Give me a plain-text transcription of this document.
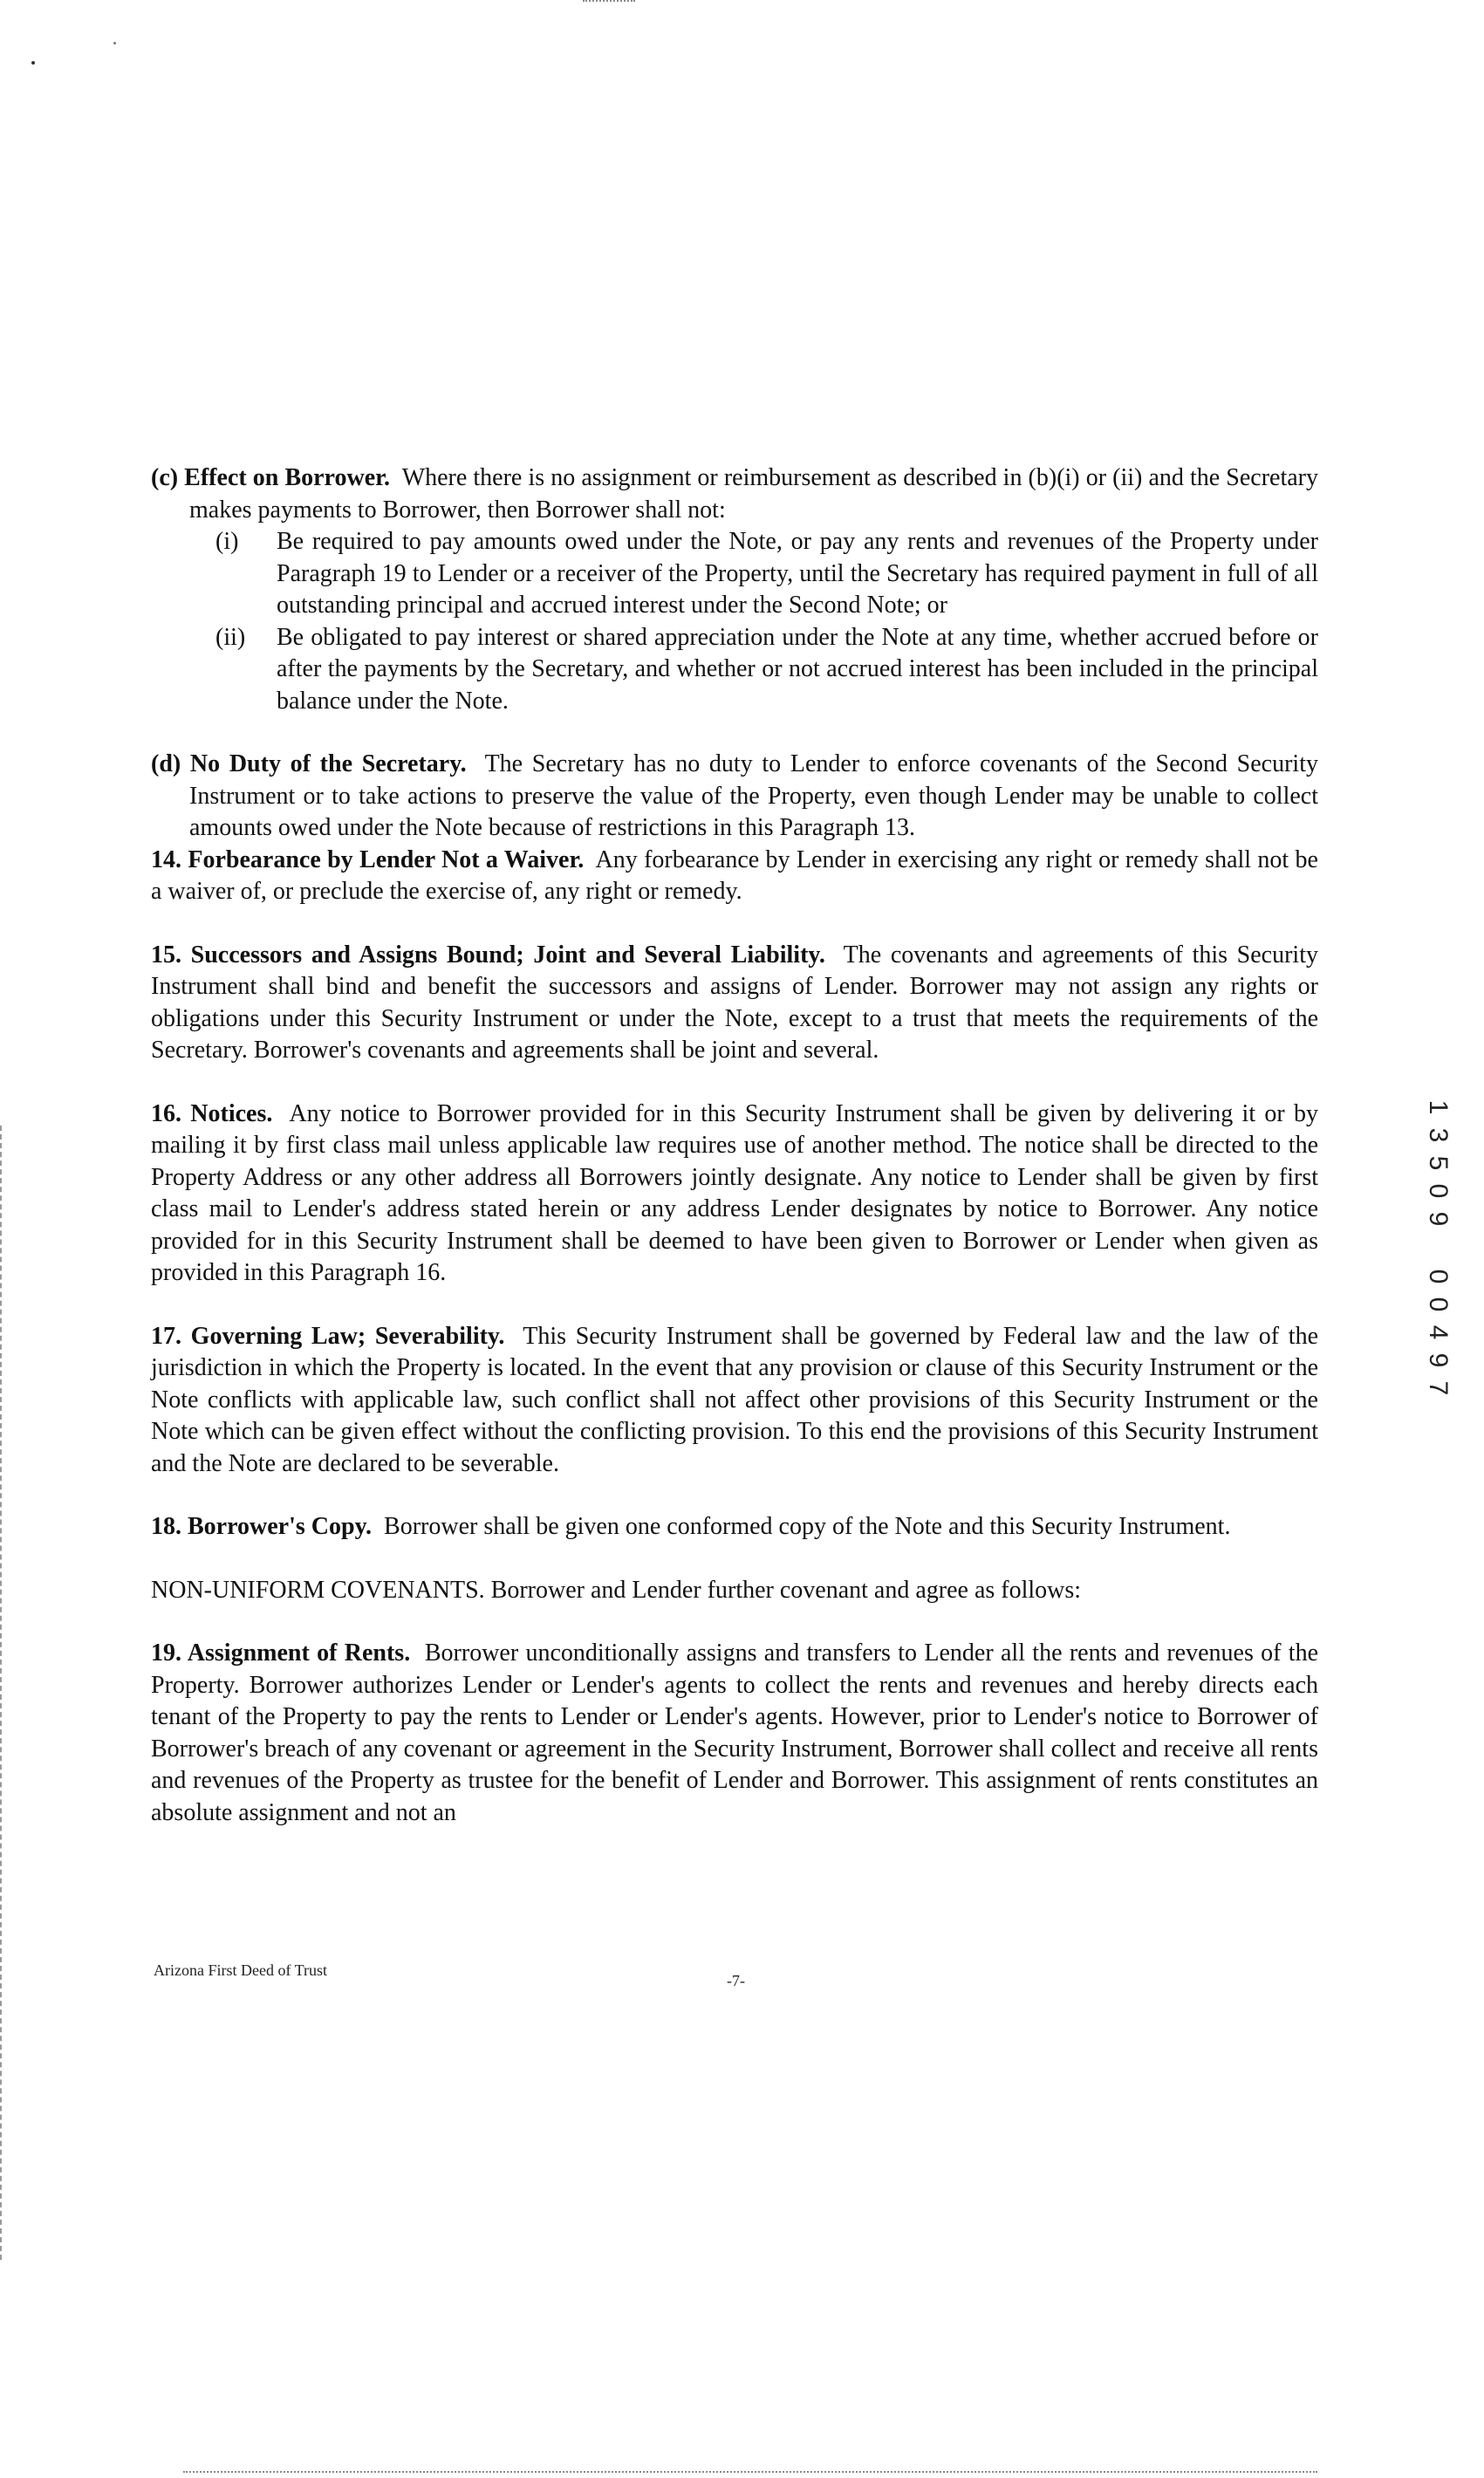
(c) Effect on Borrower. Where there is no assignment or reimbursement as described in (b)(i) or (ii) and the Secretary makes payments to Borrower, then Borrower shall not:

(i)	Be required to pay amounts owed under the Note, or pay any rents and revenues of the Property under Paragraph 19 to Lender or a receiver of the Property, until the Secretary has required payment in full of all outstanding principal and accrued interest under the Second Note; or
(ii)	Be obligated to pay interest or shared appreciation under the Note at any time, whether accrued before or after the payments by the Secretary, and whether or not accrued interest has been included in the principal balance under the Note.

(d) No Duty of the Secretary. The Secretary has no duty to Lender to enforce covenants of the Second Security Instrument or to take actions to preserve the value of the Property, even though Lender may be unable to collect amounts owed under the Note because of restrictions in this Paragraph 13.

14. Forbearance by Lender Not a Waiver. Any forbearance by Lender in exercising any right or remedy shall not be a waiver of, or preclude the exercise of, any right or remedy.

15. Successors and Assigns Bound; Joint and Several Liability. The covenants and agreements of this Security Instrument shall bind and benefit the successors and assigns of Lender. Borrower may not assign any rights or obligations under this Security Instrument or under the Note, except to a trust that meets the requirements of the Secretary. Borrower's covenants and agreements shall be joint and several.

16. Notices. Any notice to Borrower provided for in this Security Instrument shall be given by delivering it or by mailing it by first class mail unless applicable law requires use of another method. The notice shall be directed to the Property Address or any other address all Borrowers jointly designate. Any notice to Lender shall be given by first class mail to Lender's address stated herein or any address Lender designates by notice to Borrower. Any notice provided for in this Security Instrument shall be deemed to have been given to Borrower or Lender when given as provided in this Paragraph 16.

17. Governing Law; Severability. This Security Instrument shall be governed by Federal law and the law of the jurisdiction in which the Property is located. In the event that any provision or clause of this Security Instrument or the Note conflicts with applicable law, such conflict shall not affect other provisions of this Security Instrument or the Note which can be given effect without the conflicting provision. To this end the provisions of this Security Instrument and the Note are declared to be severable.

18. Borrower's Copy. Borrower shall be given one conformed copy of the Note and this Security Instrument.

NON-UNIFORM COVENANTS. Borrower and Lender further covenant and agree as follows:

19. Assignment of Rents. Borrower unconditionally assigns and transfers to Lender all the rents and revenues of the Property. Borrower authorizes Lender or Lender's agents to collect the rents and revenues and hereby directs each tenant of the Property to pay the rents to Lender or Lender's agents. However, prior to Lender's notice to Borrower of Borrower's breach of any covenant or agreement in the Security Instrument, Borrower shall collect and receive all rents and revenues of the Property as trustee for the benefit of Lender and Borrower. This assignment of rents constitutes an absolute assignment and not an

Arizona First Deed of Trust
-7-
1
3
5
0
9
0
0
4
9
7
